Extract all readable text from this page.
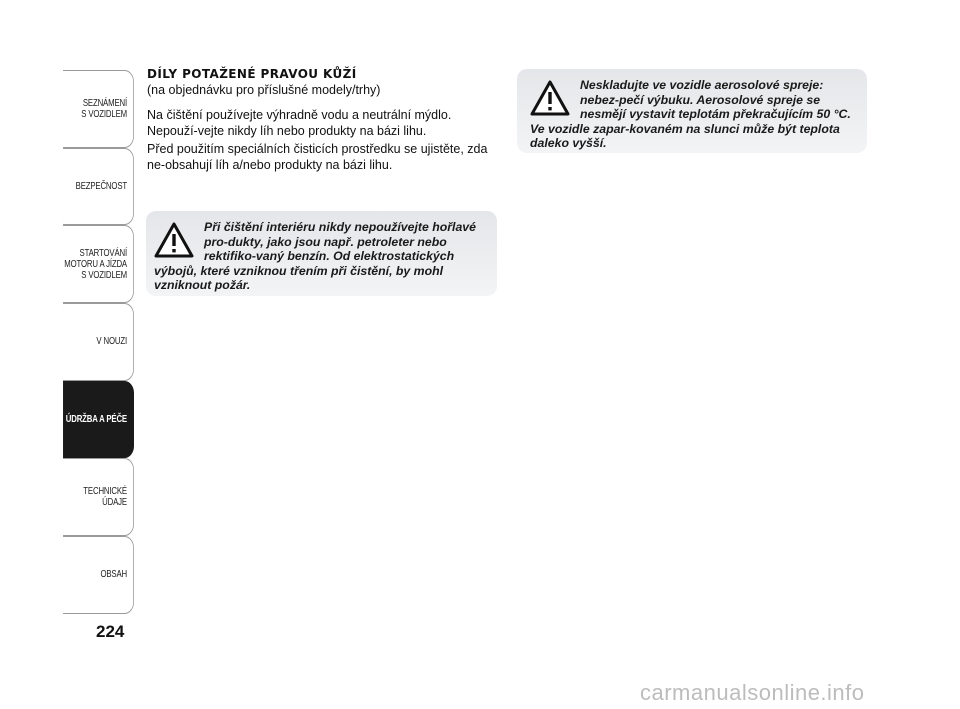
SEZNÁMENÍ
S VOZIDLEM
BEZPEČNOST
STARTOVÁNÍ
MOTORU A JÍZDA
S VOZIDLEM
V NOUZI
ÚDRŽBA A PÉČE
TECHNICKÉ
ÚDAJE
OBSAH
224
DÍLY POTAŽENÉ PRAVOU KŮŽÍ

(na objednávku pro příslušné modely/trhy)

Na čištění používejte výhradně vodu a neutrální mýdlo. Nepouží-vejte nikdy líh nebo produkty na bázi lihu.

Před použitím speciálních čisticích prostředku se ujistěte, zda ne-obsahují líh a/nebo produkty na bázi lihu.

Při čištění interiéru nikdy nepoužívejte hořlavé pro-dukty, jako jsou např. petroleter nebo rektifiko-vaný benzín. Od elektrostatických výbojů, které vzniknou třením při čistění, by mohl vzniknout požár.

Neskladujte ve vozidle aerosolové spreje: nebez-pečí výbuku. Aerosolové spreje se nesmějí vystavit teplotám překračujícím 50 °C. Ve vozidle zapar-kovaném na slunci může být teplota daleko vyšší.

carmanualsonline.info
